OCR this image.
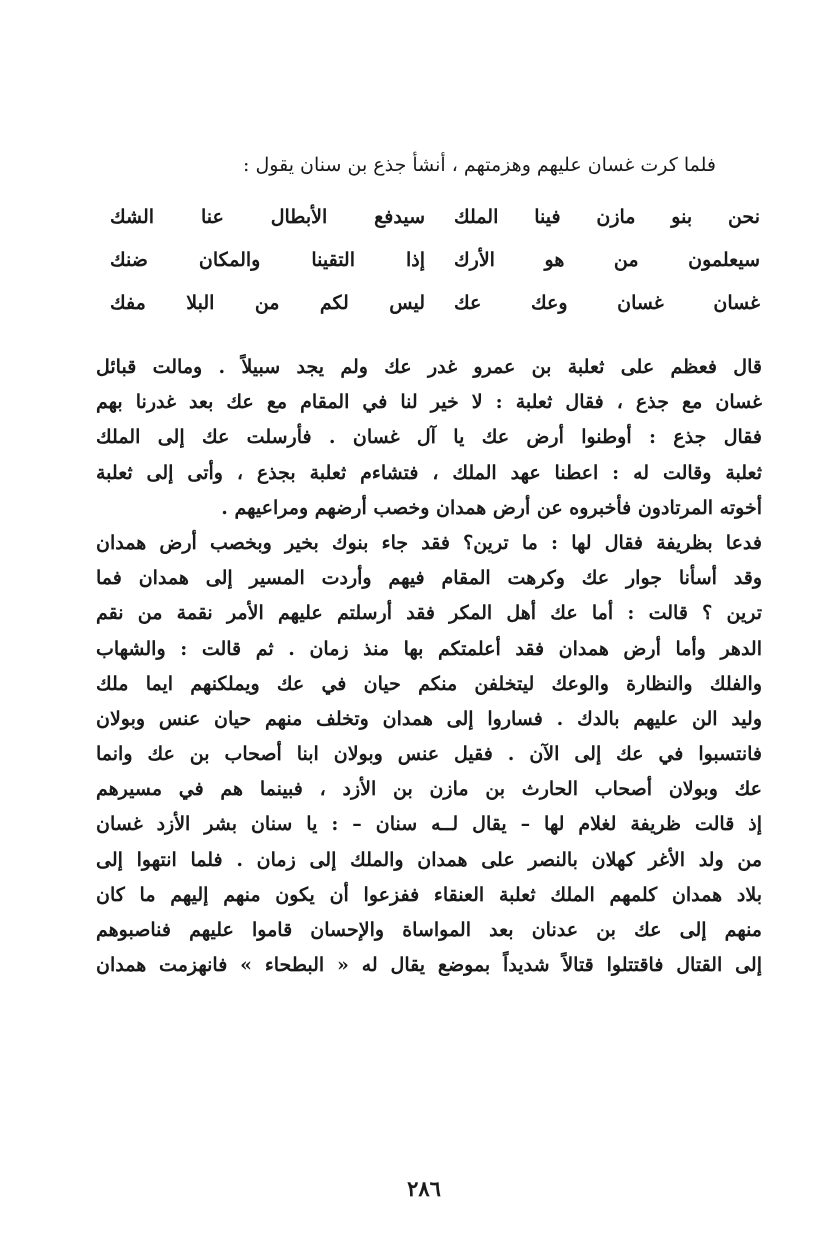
فلما كرت غسان عليهم وهزمتهم ، أنشأ جذع بن سنان يقول :
نحن
بنو
مازن
فينا
الملك
سيدفع
الأبطال
عنا
الشك
سيعلمون
من
هو
الأرك
إذا
التقينا
والمكان
ضنك
غسان
غسان
وعك
عك
ليس
لكم
من
البلا
مفك
قال فعظم على ثعلبة بن عمرو غدر عك ولم يجد سبيلاً . ومالت قبائل
غسان مع جذع ، فقال ثعلبة : لا خير لنا في المقام مع عك بعد غدرنا بهم
فقال جذع : أوطنوا أرض عك يا آل غسان . فأرسلت عك إلى الملك
ثعلبة وقالت له : اعطنا عهد الملك ، فتشاءم ثعلبة بجذع ، وأتى إلى ثعلبة
أخوته المرتادون فأخبروه عن أرض همدان وخصب أرضهم ومراعيهم .
فدعا بظريفة فقال لها : ما ترين؟ فقد جاء بنوك بخير وبخصب أرض همدان
وقد أسأنا جوار عك وكرهت المقام فيهم وأردت المسير إلى همدان فما
ترين ؟ قالت : أما عك أهل المكر فقد أرسلتم عليهم الأمر نقمة من نقم
الدهر وأما أرض همدان فقد أعلمتكم بها منذ زمان . ثم قالت : والشهاب
والفلك والنظارة والوعك ليتخلفن منكم حيان في عك ويملكنهم ايما ملك
وليد الن عليهم بالدك . فساروا إلى همدان وتخلف منهم حيان عنس وبولان
فانتسبوا في عك إلى الآن . فقيل عنس وبولان ابنا أصحاب بن عك وانما
عك وبولان أصحاب الحارث بن مازن بن الأزد ، فبينما هم في مسيرهم
إذ قالت ظريفة لغلام لها – يقال لــه سنان – : يا سنان بشر الأزد غسان
من ولد الأغر كهلان بالنصر على همدان والملك إلى زمان . فلما انتهوا إلى
بلاد همدان كلمهم الملك ثعلبة العنقاء ففزعوا أن يكون منهم إليهم ما كان
منهم إلى عك بن عدنان بعد المواساة والإحسان قاموا عليهم فناصبوهم
إلى القتال فاقتتلوا قتالاً شديداً بموضع يقال له « البطحاء » فانهزمت همدان
٢٨٦
